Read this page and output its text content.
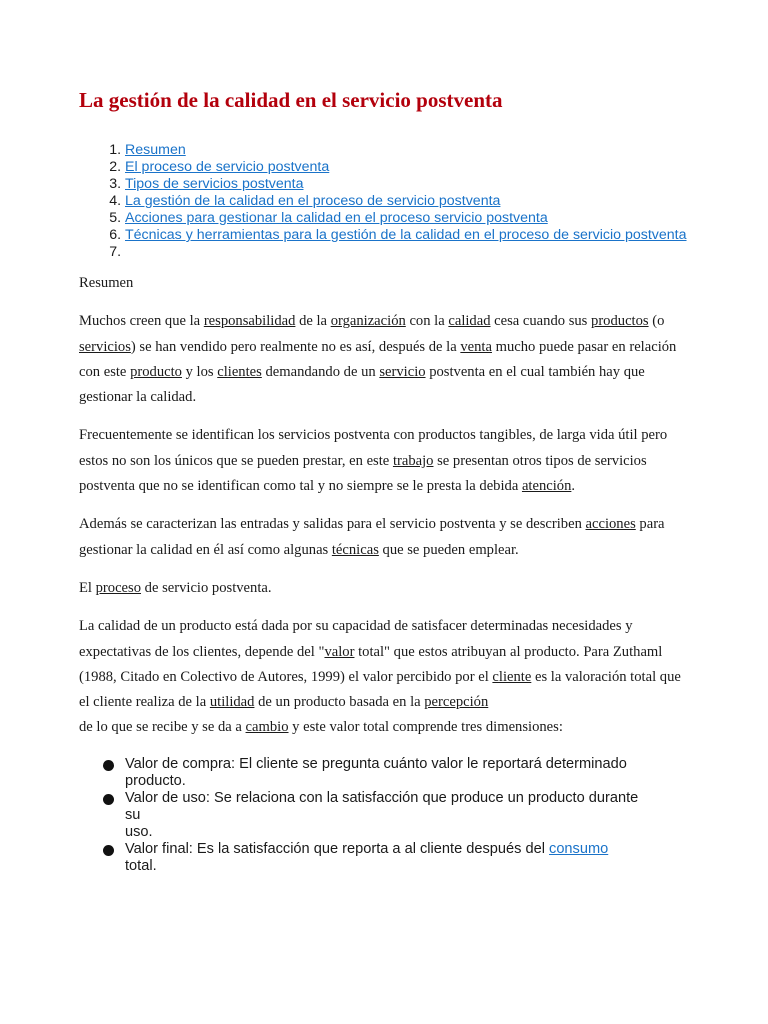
La gestión de la calidad en el servicio postventa
1. Resumen
2. El proceso de servicio postventa
3. Tipos de servicios postventa
4. La gestión de la calidad en el proceso de servicio postventa
5. Acciones para gestionar la calidad en el proceso servicio postventa
6. Técnicas y herramientas para la gestión de la calidad en el proceso de servicio postventa
7.

Resumen

Muchos creen que la responsabilidad de la organización con la calidad cesa cuando sus productos (o servicios) se han vendido pero realmente no es así, después de la venta mucho puede pasar en relación con este producto y los clientes demandando de un servicio postventa en el cual también hay que gestionar la calidad.

Frecuentemente se identifican los servicios postventa con productos tangibles, de larga vida útil pero estos no son los únicos que se pueden prestar, en este trabajo se presentan otros tipos de servicios postventa que no se identifican como tal y no siempre se le presta la debida atención.

Además se caracterizan las entradas y salidas para el servicio postventa y se describen acciones para gestionar la calidad en él así como algunas técnicas que se pueden emplear.

El proceso de servicio postventa.

La calidad de un producto está dada por su capacidad de satisfacer determinadas necesidades y expectativas de los clientes, depende del "valor total" que estos atribuyan al producto. Para Zuthaml (1988, Citado en Colectivo de Autores, 1999) el valor percibido por el cliente es la valoración total que el cliente realiza de la utilidad de un producto basada en la percepción
de lo que se recibe y se da a cambio y este valor total comprende tres dimensiones:

Valor de compra: El cliente se pregunta cuánto valor le reportará determinado
producto.
Valor de uso: Se relaciona con la satisfacción que produce un producto durante
su
uso.
Valor final: Es la satisfacción que reporta a al cliente después del consumo
total.
